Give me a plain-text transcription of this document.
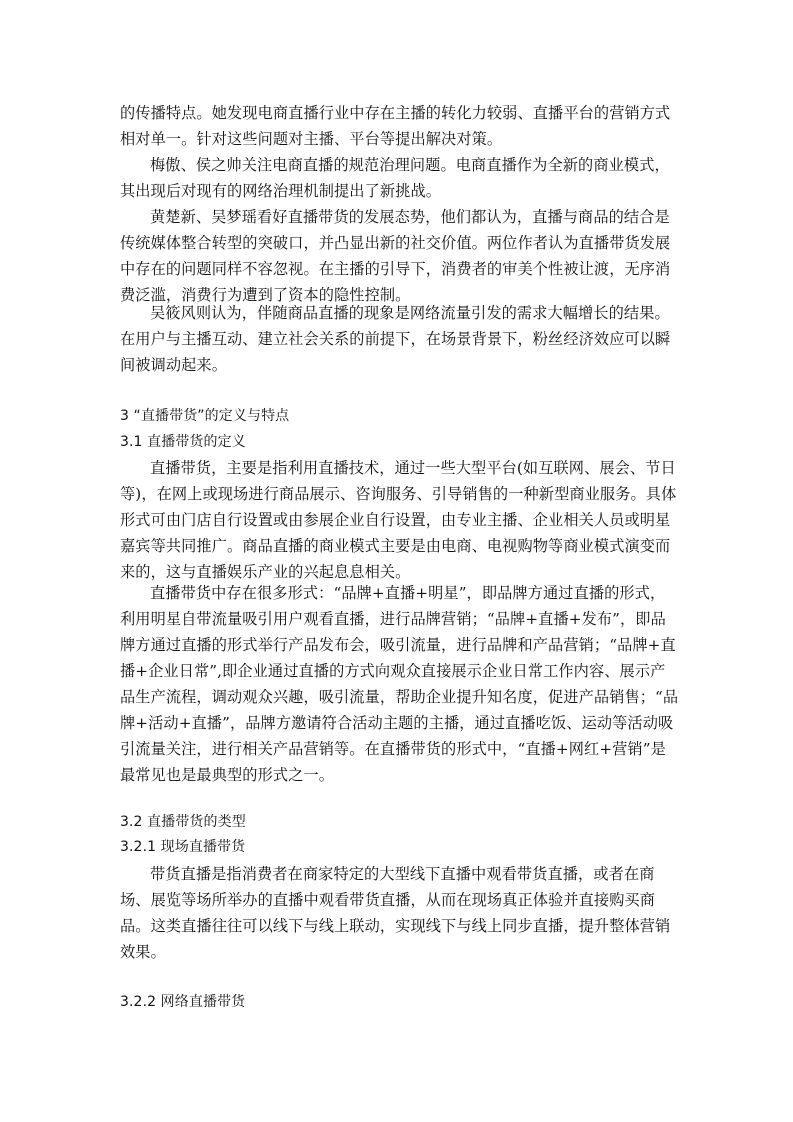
的传播特点。她发现电商直播行业中存在主播的转化力较弱、直播平台的营销方式相对单一。针对这些问题对主播、平台等提出解决对策。
梅傲、侯之帅关注电商直播的规范治理问题。电商直播作为全新的商业模式，其出现后对现有的网络治理机制提出了新挑战。
黄楚新、吴梦瑶看好直播带货的发展态势，他们都认为，直播与商品的结合是传统媒体整合转型的突破口，并凸显出新的社交价值。两位作者认为直播带货发展中存在的问题同样不容忽视。在主播的引导下，消费者的审美个性被让渡，无序消费泛滥，消费行为遭到了资本的隐性控制。
吴筱风则认为，伴随商品直播的现象是网络流量引发的需求大幅增长的结果。在用户与主播互动、建立社会关系的前提下，在场景背景下，粉丝经济效应可以瞬间被调动起来。
3 “直播带货”的定义与特点
3.1 直播带货的定义
直播带货，主要是指利用直播技术，通过一些大型平台(如互联网、展会、节日等)，在网上或现场进行商品展示、咨询服务、引导销售的一种新型商业服务。具体形式可由门店自行设置或由参展企业自行设置，由专业主播、企业相关人员或明星嘉宾等共同推广。商品直播的商业模式主要是由电商、电视购物等商业模式演变而来的，这与直播娱乐产业的兴起息息相关。
直播带货中存在很多形式：“品牌+直播+明星”，即品牌方通过直播的形式，利用明星自带流量吸引用户观看直播，进行品牌营销；“品牌+直播+发布”，即品牌方通过直播的形式举行产品发布会，吸引流量，进行品牌和产品营销；“品牌+直播+企业日常”,即企业通过直播的方式向观众直接展示企业日常工作内容、展示产品生产流程，调动观众兴趣，吸引流量，帮助企业提升知名度，促进产品销售；“品牌+活动+直播”，品牌方邀请符合活动主题的主播，通过直播吃饭、运动等活动吸引流量关注，进行相关产品营销等。在直播带货的形式中，“直播+网红+营销”是最常见也是最典型的形式之一。
3.2 直播带货的类型
3.2.1 现场直播带货
带货直播是指消费者在商家特定的大型线下直播中观看带货直播，或者在商场、展览等场所举办的直播中观看带货直播，从而在现场真正体验并直接购买商品。这类直播往往可以线下与线上联动，实现线下与线上同步直播，提升整体营销效果。
3.2.2 网络直播带货
